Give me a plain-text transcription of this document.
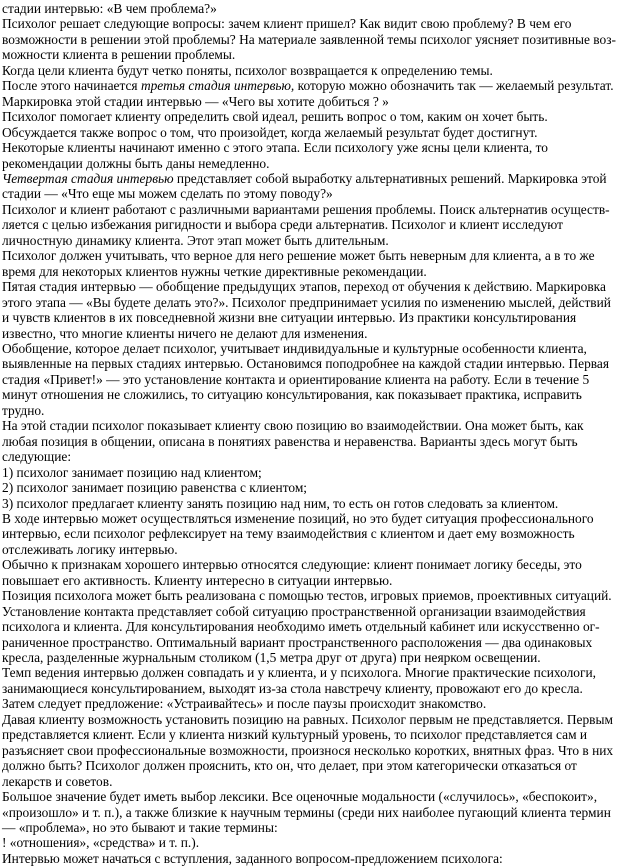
стадии интервью: «В чем проблема?»

Психолог решает следующие вопросы: зачем клиент пришел? Как видит свою проблему? В чем его возможности в решении этой проблемы? На материале заявленной темы психолог уясняет позитивные воз-можности клиента в решении проблемы.

Когда цели клиента будут четко поняты, психолог возвращается к определению темы.

После этого начинается третья стадия интервью, которую можно обозначить так — желаемый результат. Маркировка этой стадии интервью — «Чего вы хотите добиться ? »

Психолог помогает клиенту определить свой идеал, решить вопрос о том, каким он хочет быть. Обсуждается также вопрос о том, что произойдет, когда желаемый результат будет достигнут.

Некоторые клиенты начинают именно с этого этапа. Если психологу уже ясны цели клиента, то рекомендации должны быть даны немедленно.

Четвертая стадия интервью представляет собой выработку альтернативных решений. Маркировка этой стадии — «Что еще мы можем сделать по этому поводу?»

Психолог и клиент работают с различными вариантами решения проблемы. Поиск альтернатив осуществ-ляется с целью избежания ригидности и выбора среди альтернатив. Психолог и клиент исследуют личностную динамику клиента. Этот этап может быть длительным.

Психолог должен учитывать, что верное для него решение может быть неверным для клиента, а в то же время для некоторых клиентов нужны четкие директивные рекомендации.

Пятая стадия интервью — обобщение предыдущих этапов, переход от обучения к действию. Маркировка этого этапа — «Вы будете делать это?». Психолог предпринимает усилия по изменению мыслей, действий и чувств клиентов в их повседневной жизни вне ситуации интервью. Из практики консультирования известно, что многие клиенты ничего не делают для изменения.

Обобщение, которое делает психолог, учитывает индивидуальные и культурные особенности клиента, выявленные на первых стадиях интервью. Остановимся поподробнее на каждой стадии интервью. Первая стадия «Привет!» — это установление контакта и ориентирование клиента на работу. Если в течение 5 минут отношения не сложились, то ситуацию консультирования, как показывает практика, исправить трудно.

На этой стадии психолог показывает клиенту свою позицию во взаимодействии. Она может быть, как любая позиция в общении, описана в понятиях равенства и неравенства. Варианты здесь могут быть следующие:

1) психолог занимает позицию над клиентом;

2) психолог занимает позицию равенства с клиентом;

3) психолог предлагает клиенту занять позицию над ним, то есть он готов следовать за клиентом.

В ходе интервью может осуществляться изменение позиций, но это будет ситуация профессионального интервью, если психолог рефлексирует на тему взаимодействия с клиентом и дает ему возможность отслеживать логику интервью.

Обычно к признакам хорошего интервью относятся следующие: клиент понимает логику беседы, это повышает его активность. Клиенту интересно в ситуации интервью.

Позиция психолога может быть реализована с помощью тестов, игровых приемов, проективных ситуаций.

Установление контакта представляет собой ситуацию пространственной организации взаимодействия психолога и клиента. Для консультирования необходимо иметь отдельный кабинет или искусственно ог-раниченное пространство. Оптимальный вариант пространственного расположения — два одинаковых кресла, разделенные журнальным столиком (1,5 метра друг от друга) при неярком освещении.

Темп ведения интервью должен совпадать и у клиента, и у психолога. Многие практические психологи, занимающиеся консультированием, выходят из-за стола навстречу клиенту, провожают его до кресла. Затем следует предложение: «Устраивайтесь» и после паузы происходит знакомство.

Давая клиенту возможность установить позицию на равных. Психолог первым не представляется. Первым представляется клиент. Если у клиента низкий культурный уровень, то психолог представляется сам и разъясняет свои профессиональные возможности, произнося несколько коротких, внятных фраз. Что в них должно быть? Психолог должен прояснить, кто он, что делает, при этом категорически отказаться от лекарств и советов.

Большое значение будет иметь выбор лексики. Все оценочные модальности («случилось», «беспокоит», «произошло» и т. п.), а также близкие к научным термины (среди них наиболее пугающий клиента термин — «проблема», но это бывают и такие термины:

! «отношения», «средства» и т. п.).

Интервью может начаться с вступления, заданного вопросом-предложением психолога:
